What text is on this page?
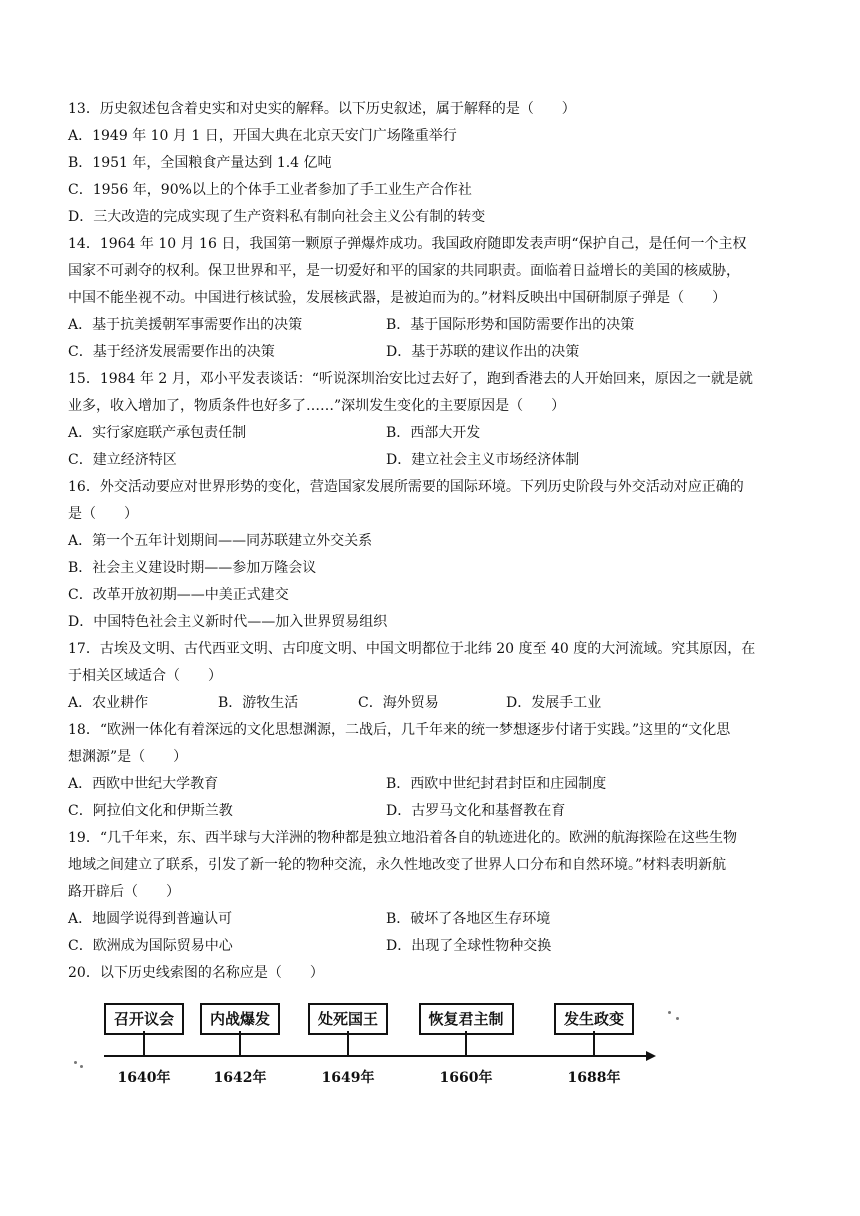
13．历史叙述包含着史实和对史实的解释。以下历史叙述，属于解释的是（　　）
A．1949 年 10 月 1 日，开国大典在北京天安门广场隆重举行
B．1951 年，全国粮食产量达到 1.4 亿吨
C．1956 年，90%以上的个体手工业者参加了手工业生产合作社
D．三大改造的完成实现了生产资料私有制向社会主义公有制的转变
14．1964 年 10 月 16 日，我国第一颗原子弹爆炸成功。我国政府随即发表声明“保护自己，是任何一个主权
国家不可剥夺的权利。保卫世界和平，是一切爱好和平的国家的共同职责。面临着日益增长的美国的核威胁，
中国不能坐视不动。中国进行核试验，发展核武器，是被迫而为的。”材料反映出中国研制原子弹是（　　）
A．基于抗美援朝军事需要作出的决策	B．基于国际形势和国防需要作出的决策
C．基于经济发展需要作出的决策	D．基于苏联的建议作出的决策
15．1984 年 2 月，邓小平发表谈话：“听说深圳治安比过去好了，跑到香港去的人开始回来，原因之一就是就
业多，收入增加了，物质条件也好多了……”深圳发生变化的主要原因是（　　）
A．实行家庭联产承包责任制	B．西部大开发
C．建立经济特区	D．建立社会主义市场经济体制
16．外交活动要应对世界形势的变化，营造国家发展所需要的国际环境。下列历史阶段与外交活动对应正确的
是（　　）
A．第一个五年计划期间——同苏联建立外交关系
B．社会主义建设时期——参加万隆会议
C．改革开放初期——中美正式建交
D．中国特色社会主义新时代——加入世界贸易组织
17．古埃及文明、古代西亚文明、古印度文明、中国文明都位于北纬 20 度至 40 度的大河流域。究其原因，在
于相关区域适合（　　）
A．农业耕作	B．游牧生活	C．海外贸易	D．发展手工业
18．“欧洲一体化有着深远的文化思想渊源，二战后，几千年来的统一梦想逐步付诸于实践。”这里的“文化思
想渊源”是（　　）
A．西欧中世纪大学教育	B．西欧中世纪封君封臣和庄园制度
C．阿拉伯文化和伊斯兰教	D．古罗马文化和基督教在育
19．“几千年来，东、西半球与大洋洲的物种都是独立地沿着各自的轨迹进化的。欧洲的航海探险在这些生物
地域之间建立了联系，引发了新一轮的物种交流，永久性地改变了世界人口分布和自然环境。”材料表明新航
路开辟后（　　）
A．地圆学说得到普遍认可	B．破坏了各地区生存环境
C．欧洲成为国际贸易中心	D．出现了全球性物种交换
20．以下历史线索图的名称应是（　　）
召开议会
1640年
内战爆发
1642年
处死国王
1649年
恢复君主制
1660年
发生政变
1688年
